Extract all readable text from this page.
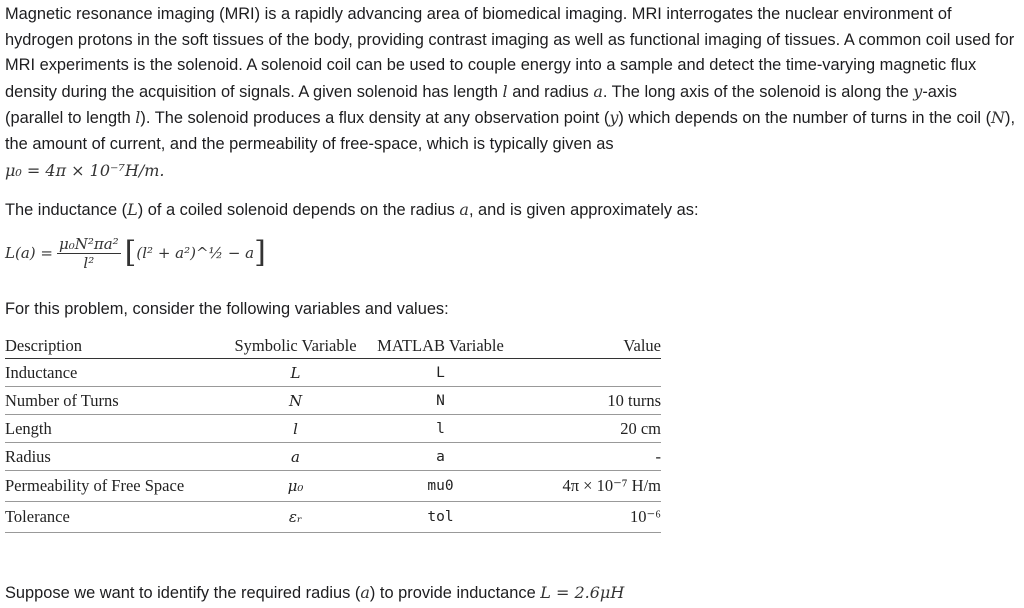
Magnetic resonance imaging (MRI) is a rapidly advancing area of biomedical imaging. MRI interrogates the nuclear environment of hydrogen protons in the soft tissues of the body, providing contrast imaging as well as functional imaging of tissues. A common coil used for MRI experiments is the solenoid. A solenoid coil can be used to couple energy into a sample and detect the time-varying magnetic flux density during the acquisition of signals. A given solenoid has length l and radius a. The long axis of the solenoid is along the y-axis (parallel to length l). The solenoid produces a flux density at any observation point (y) which depends on the number of turns in the coil (N), the amount of current, and the permeability of free-space, which is typically given as
μ₀ = 4π × 10⁻⁷H/m.
The inductance (L) of a coiled solenoid depends on the radius a, and is given approximately as:
$L(a) = \frac{\text{μ₀N²πa²}}{\text{l²}}$ [ (l² + a²)^½ − a ]
For this problem, consider the following variables and values:
Description	Symbolic Variable	MATLAB Variable	Value
Inductance	L	L	
Number of Turns	N	N	10 turns
Length	l	l	20 cm
Radius	a	a	-
Permeability of Free Space	μ₀	mu0	4π × 10⁻⁷ H/m
Tolerance	εᵣ	tol	10⁻⁶
Suppose we want to identify the required radius (a) to provide inductance L = 2.6μH
